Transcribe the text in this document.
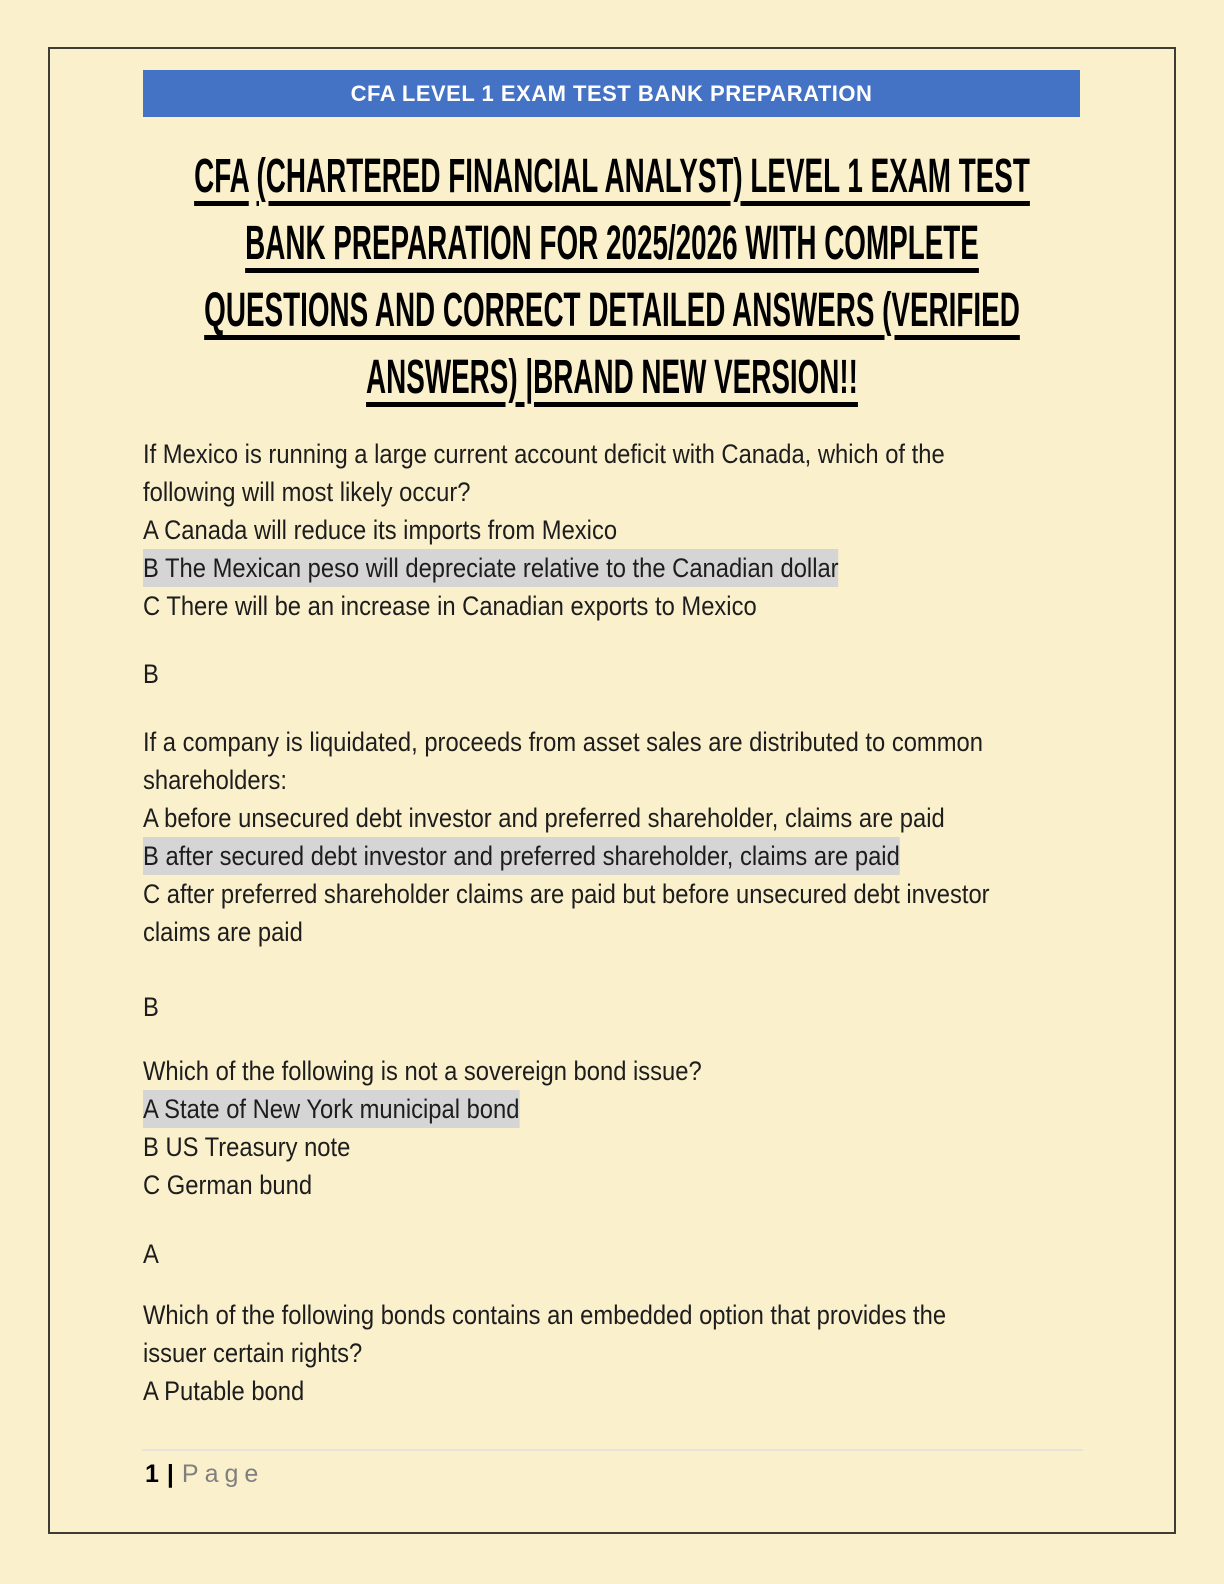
CFA LEVEL 1 EXAM TEST BANK PREPARATION
CFA (CHARTERED FINANCIAL ANALYST) LEVEL 1 EXAM TEST
BANK PREPARATION FOR 2025/2026 WITH COMPLETE
QUESTIONS AND CORRECT DETAILED ANSWERS (VERIFIED
ANSWERS) |BRAND NEW VERSION!!
If Mexico is running a large current account deficit with Canada, which of the
following will most likely occur?
A Canada will reduce its imports from Mexico
B The Mexican peso will depreciate relative to the Canadian dollar
C There will be an increase in Canadian exports to Mexico
B
If a company is liquidated, proceeds from asset sales are distributed to common
shareholders:
A before unsecured debt investor and preferred shareholder, claims are paid
B after secured debt investor and preferred shareholder, claims are paid
C after preferred shareholder claims are paid but before unsecured debt investor
claims are paid
B
Which of the following is not a sovereign bond issue?
A State of New York municipal bond
B US Treasury note
C German bund
A
Which of the following bonds contains an embedded option that provides the
issuer certain rights?
A Putable bond
1 | Page
